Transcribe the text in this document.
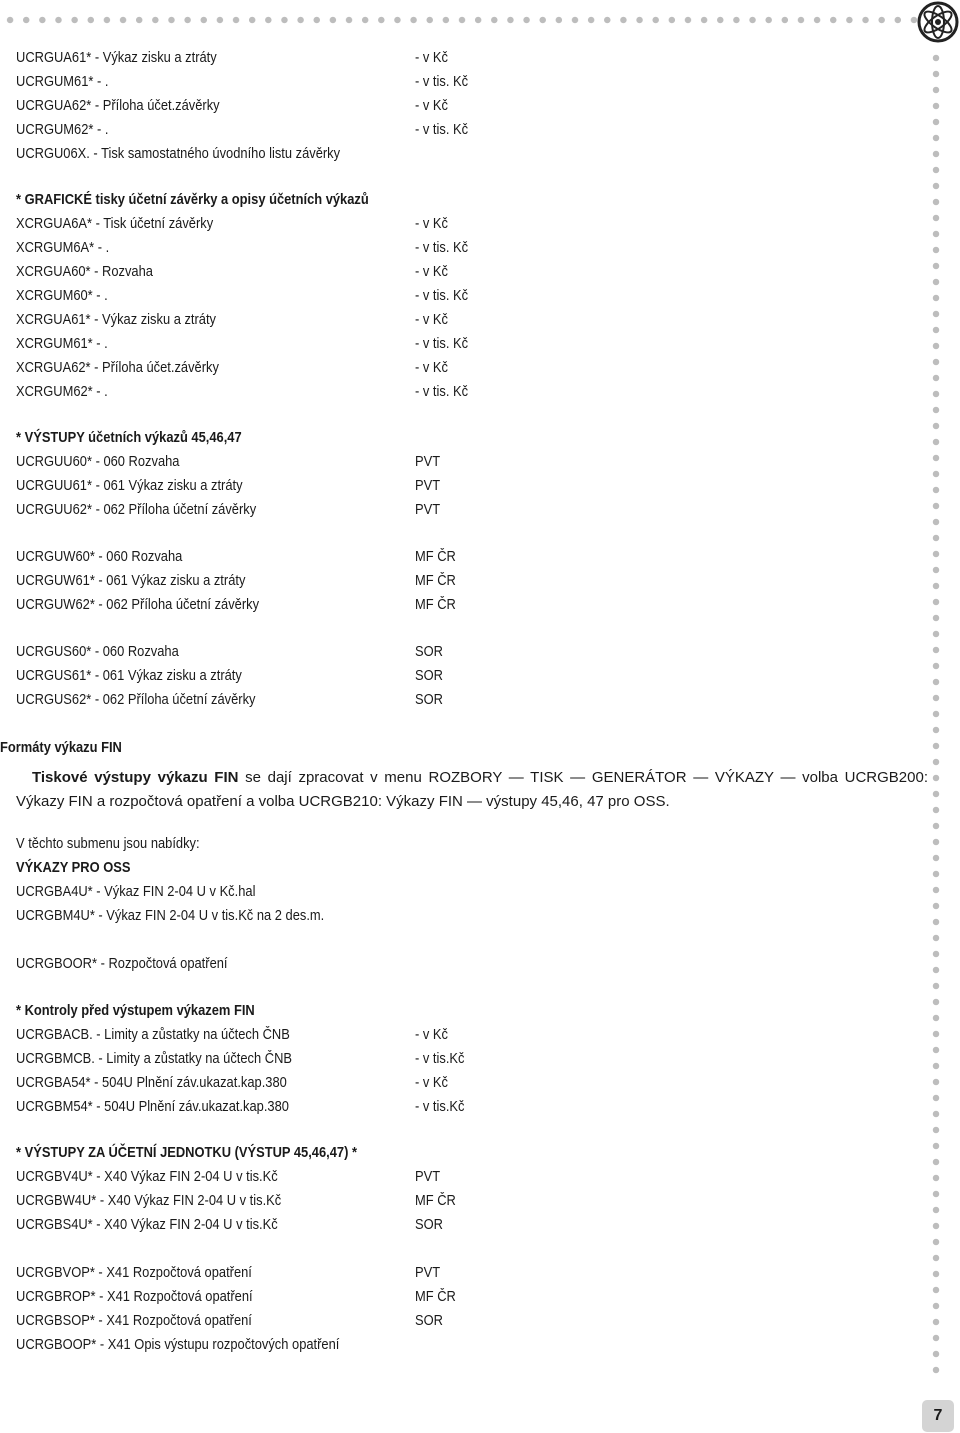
UCRGUA61* - Výkaz zisku a ztráty	- v Kč
UCRGUM61* - .	- v tis. Kč
UCRGUA62* - Příloha účet.závěrky	- v Kč
UCRGUM62* - .	- v tis. Kč
UCRGU06X. - Tisk samostatného úvodního listu závěrky
* GRAFICKÉ tisky účetní závěrky a opisy účetních výkazů
XCRGUA6A* - Tisk účetní závěrky	- v Kč
XCRGUM6A* - .	- v tis. Kč
XCRGUA60* - Rozvaha	- v Kč
XCRGUM60* - .	- v tis. Kč
XCRGUA61* - Výkaz zisku a ztráty	- v Kč
XCRGUM61* - .	- v tis. Kč
XCRGUA62* - Příloha účet.závěrky	- v Kč
XCRGUM62* - .	- v tis. Kč
* VÝSTUPY účetních výkazů 45,46,47
UCRGUU60* - 060 Rozvaha	PVT
UCRGUU61* - 061 Výkaz zisku a ztráty	PVT
UCRGUU62* - 062 Příloha účetní závěrky	PVT
UCRGUW60* - 060 Rozvaha	MF ČR
UCRGUW61* - 061 Výkaz zisku a ztráty	MF ČR
UCRGUW62* - 062 Příloha účetní závěrky	MF ČR
UCRGUS60* - 060 Rozvaha	SOR
UCRGUS61* - 061 Výkaz zisku a ztráty	SOR
UCRGUS62* - 062 Příloha účetní závěrky	SOR
Formáty výkazu FIN
Tiskové výstupy výkazu FIN se dají zpracovat v menu ROZBORY — TISK — GENERÁTOR — VÝKAZY — volba UCRGB200: Výkazy FIN a rozpočtová opatření a volba UCRGB210: Výkazy FIN — výstupy 45,46, 47 pro OSS.
V těchto submenu jsou nabídky:
VÝKAZY PRO OSS
UCRGBA4U* - Výkaz FIN 2-04 U v Kč.hal
UCRGBM4U* - Výkaz FIN 2-04 U v tis.Kč na 2 des.m.
UCRGBOOR* - Rozpočtová opatření
* Kontroly před výstupem výkazem FIN
UCRGBACB. - Limity a zůstatky na účtech ČNB	- v Kč
UCRGBMCB. - Limity a zůstatky na účtech ČNB	- v tis.Kč
UCRGBA54* - 504U Plnění záv.ukazat.kap.380	- v Kč
UCRGBM54* - 504U Plnění záv.ukazat.kap.380	- v tis.Kč
* VÝSTUPY ZA ÚČETNÍ JEDNOTKU (VÝSTUP 45,46,47) *
UCRGBV4U* - X40 Výkaz FIN 2-04 U v tis.Kč	PVT
UCRGBW4U* - X40 Výkaz FIN 2-04 U v tis.Kč	MF ČR
UCRGBS4U* - X40 Výkaz FIN 2-04 U v tis.Kč	SOR
UCRGBVOP* - X41 Rozpočtová opatření	PVT
UCRGBROP* - X41 Rozpočtová opatření	MF ČR
UCRGBSOP* - X41 Rozpočtová opatření	SOR
UCRGBOOP* - X41 Opis výstupu rozpočtových opatření
7
